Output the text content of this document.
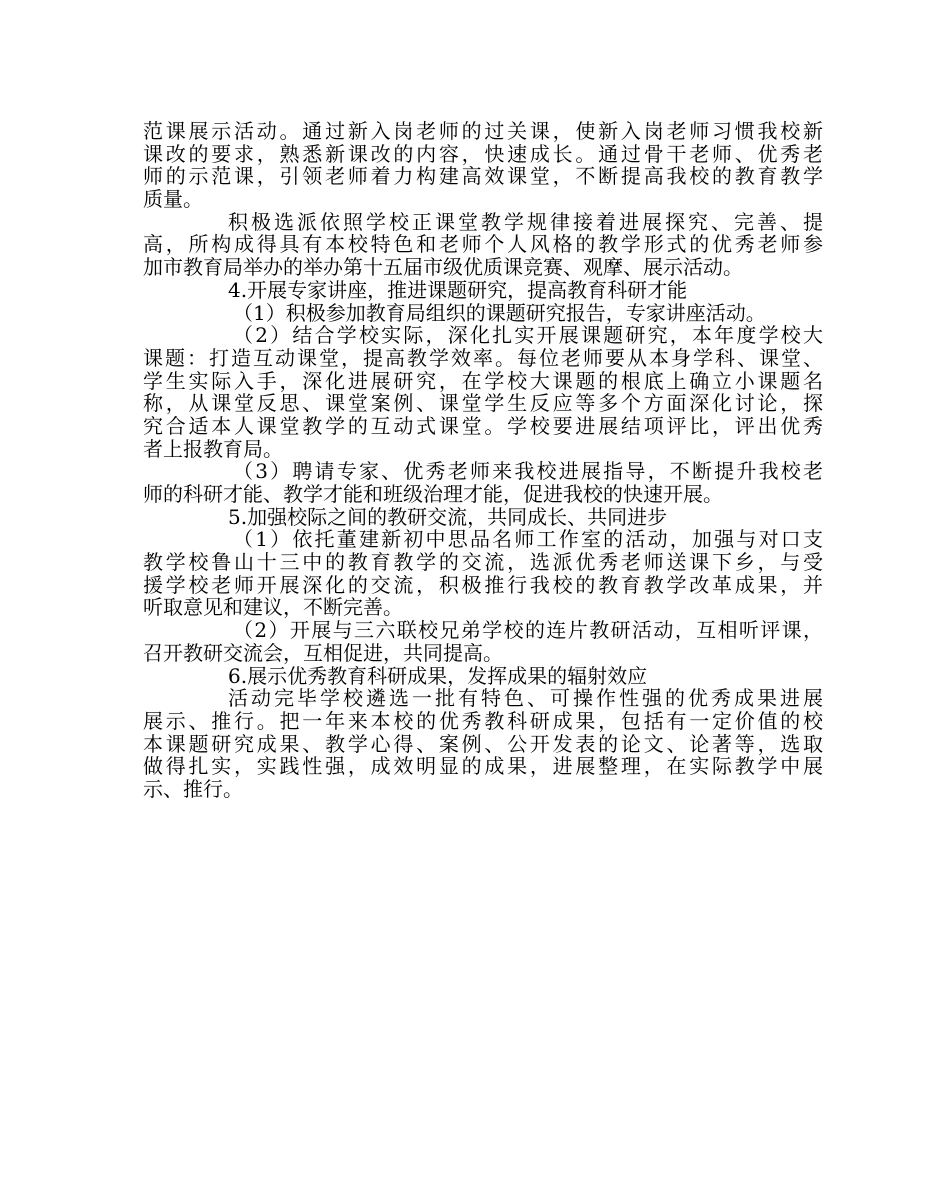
范课展示活动。通过新入岗老师的过关课，使新入岗老师习惯我校新
课改的要求，熟悉新课改的内容，快速成长。通过骨干老师、优秀老
师的示范课，引领老师着力构建高效课堂，不断提高我校的教育教学
质量。
积极选派依照学校正课堂教学规律接着进展探究、完善、提
高，所构成得具有本校特色和老师个人风格的教学形式的优秀老师参
加市教育局举办的举办第十五届市级优质课竞赛、观摩、展示活动。
4.开展专家讲座，推进课题研究，提高教育科研才能
（1）积极参加教育局组织的课题研究报告，专家讲座活动。
（2）结合学校实际，深化扎实开展课题研究，本年度学校大
课题：打造互动课堂，提高教学效率。每位老师要从本身学科、课堂、
学生实际入手，深化进展研究，在学校大课题的根底上确立小课题名
称，从课堂反思、课堂案例、课堂学生反应等多个方面深化讨论，探
究合适本人课堂教学的互动式课堂。学校要进展结项评比，评出优秀
者上报教育局。
（3）聘请专家、优秀老师来我校进展指导，不断提升我校老
师的科研才能、教学才能和班级治理才能，促进我校的快速开展。
5.加强校际之间的教研交流，共同成长、共同进步
（1）依托董建新初中思品名师工作室的活动，加强与对口支
教学校鲁山十三中的教育教学的交流，选派优秀老师送课下乡，与受
援学校老师开展深化的交流，积极推行我校的教育教学改革成果，并
听取意见和建议，不断完善。
（2）开展与三六联校兄弟学校的连片教研活动，互相听评课，
召开教研交流会，互相促进，共同提高。
6.展示优秀教育科研成果，发挥成果的辐射效应
活动完毕学校遴选一批有特色、可操作性强的优秀成果进展
展示、推行。把一年来本校的优秀教科研成果，包括有一定价值的校
本课题研究成果、教学心得、案例、公开发表的论文、论著等，选取
做得扎实，实践性强，成效明显的成果，进展整理，在实际教学中展
示、推行。
